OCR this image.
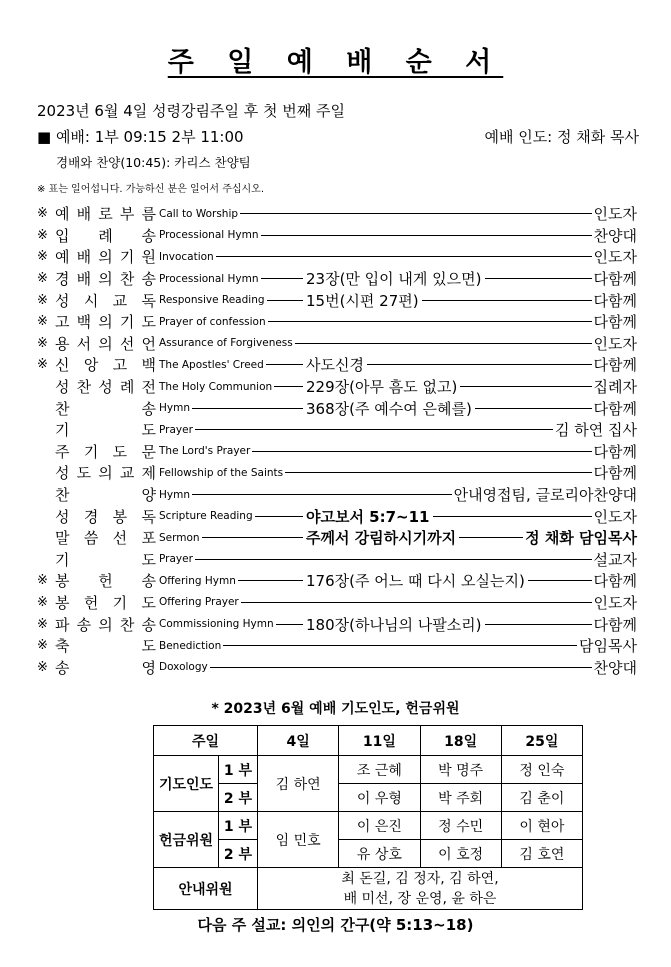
주 일 예 배 순 서
2023년 6월 4일 성령강림주일 후 첫 번째 주일
■ 예배: 1부 09:15 2부 11:00	예배 인도: 정 채화 목사
경배와 찬양(10:45): 카리스 찬양팀
※ 표는 일어섭니다. 가능하신 분은 일어서 주십시오.
※ 예 배 로 부 름 Call to Worship	인도자
※ 입 례 송 Processional Hymn	찬양대
※ 예 배 의 기 원 Invocation	인도자
※ 경 배 의 찬 송 Processional Hymn	23장(만 입이 내게 있으면)	다함께
※ 성 시 교 독 Responsive Reading	15번(시편 27편)	다함께
※ 고 백 의 기 도 Prayer of confession	다함께
※ 용 서 의 선 언 Assurance of Forgiveness	인도자
※ 신 앙 고 백 The Apostles' Creed	사도신경	다함께
성 찬 성 례 전 The Holy Communion 229장(아무 흠도 없고)	집례자
찬	송 Hymn	368장(주 예수여 은혜를)	다함께
기	도 Prayer	김 하연 집사
주 기 도 문 The Lord's Prayer	다함께
성 도 의 교 제 Fellowship of the Saints	다함께
찬	양 Hymn	안내영접팀, 글로리아찬양대
성 경 봉 독 Scripture Reading	야고보서 5:7~11	인도자
말 씀 선 포 Sermon	주께서 강림하시기까지	정 채화 담임목사
기	도 Prayer	설교자
※ 봉 헌 송 Offering Hymn	176장(주 어느 때 다시 오실는지)	다함께
※ 봉 헌 기 도 Offering Prayer	인도자
※ 파 송 의 찬 송 Commissioning Hymn 180장(하나님의 나팔소리)	다함께
※ 축	도 Benediction	담임목사
※ 송	영 Doxology	찬양대
* 2023년 6월 예배 기도인도, 헌금위원
주일		4일	11일	18일	25일
기도인도	1 부	김 하연	조 근혜	박 명주	정 인숙
	2 부		이 우형	박 주회	김 춘이
헌금위원	1 부	임 민호	이 은진	정 수민	이 현아
	2 부		유 상호	이 호정	김 호연
안내위원		최 돈길, 김 정자, 김 하연,
배 미선, 장 운영, 윤 하은			
다음 주 설교: 의인의 간구(약 5:13~18)
